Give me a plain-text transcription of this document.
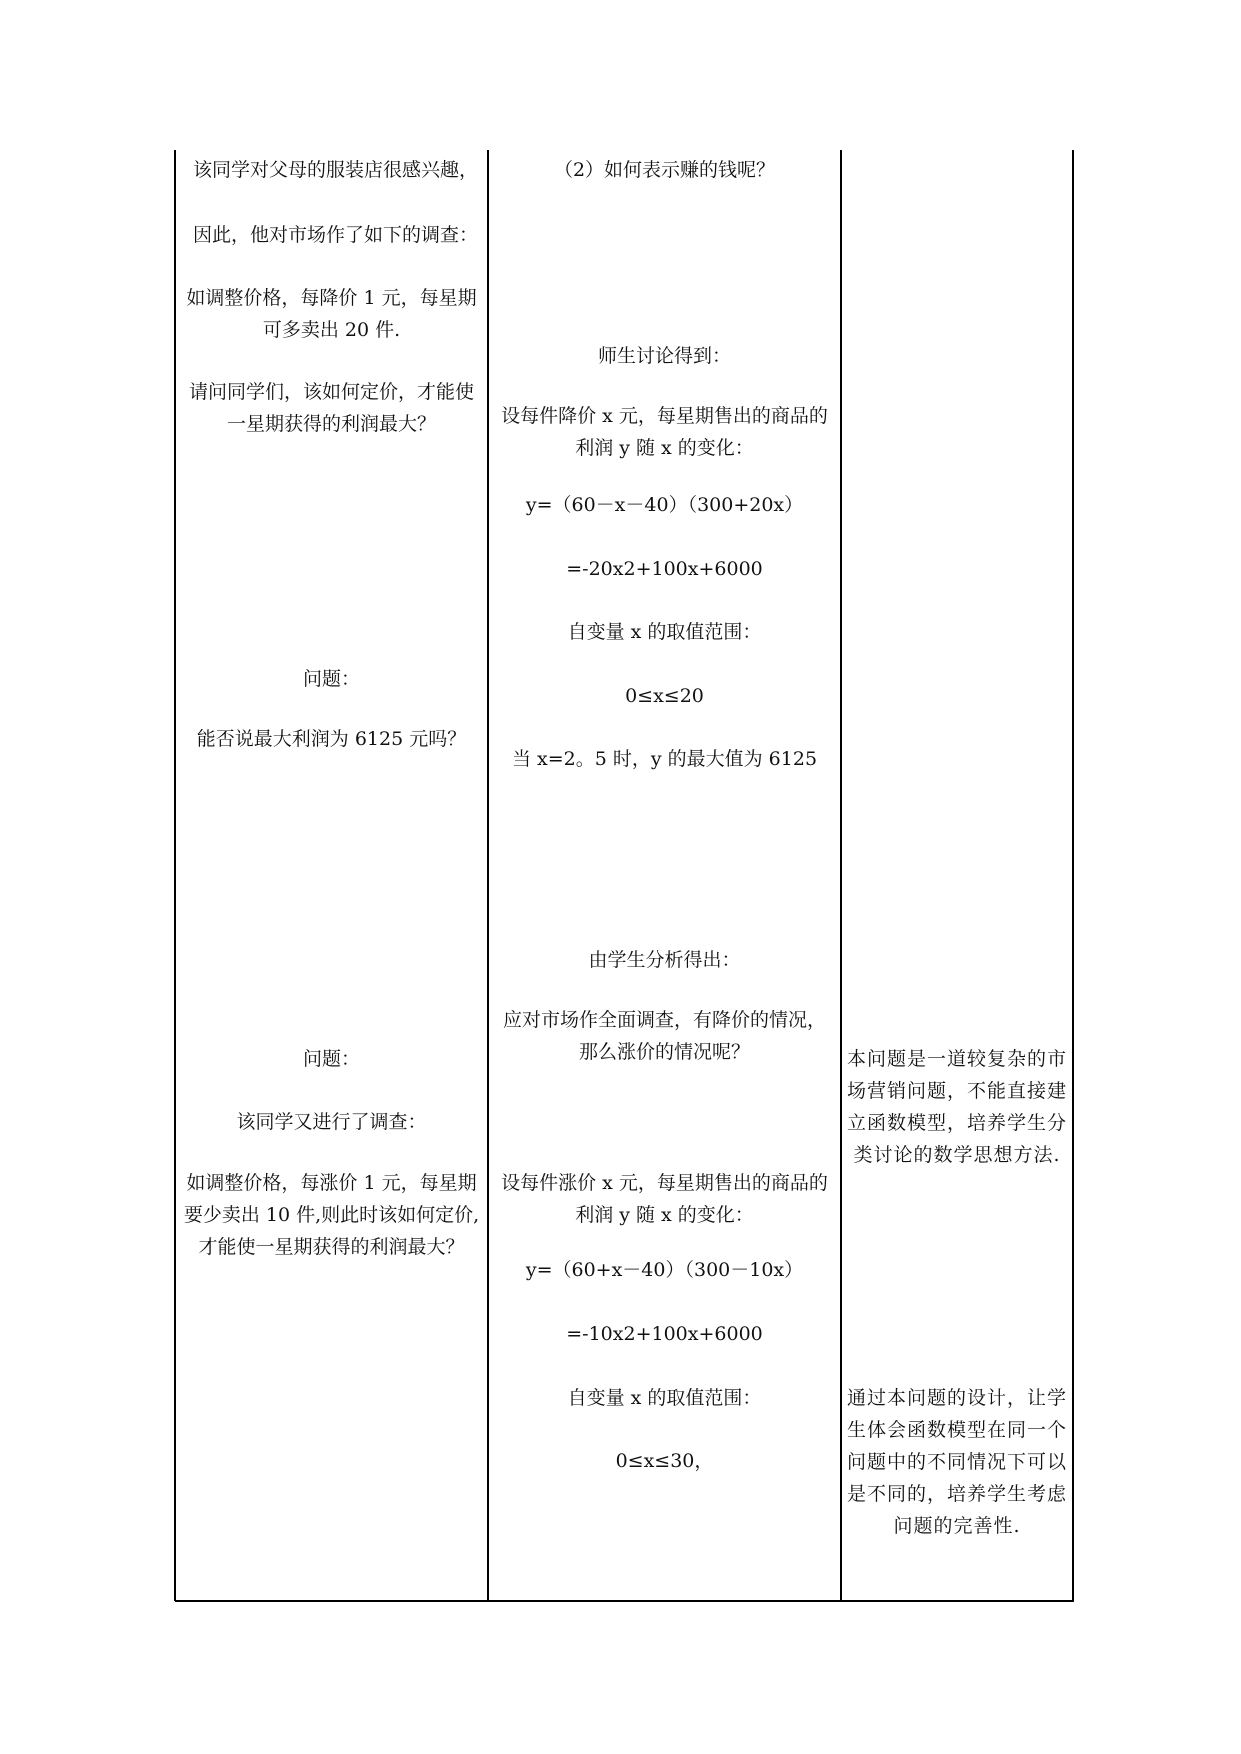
该同学对父母的服装店很感兴趣，
因此，他对市场作了如下的调查：
如调整价格，每降价 1 元，每星期
可多卖出 20 件.
请问同学们，该如何定价，才能使
一星期获得的利润最大？
问题：
能否说最大利润为 6125 元吗？
问题：
该同学又进行了调查：
如调整价格，每涨价 1 元，每星期
要少卖出 10 件,则此时该如何定价,
才能使一星期获得的利润最大？
（2）如何表示赚的钱呢？
师生讨论得到：
设每件降价 x 元，每星期售出的商品的
利润 y 随 x 的变化：
y=（60－x－40）（300+20x）
=-20x2+100x+6000
自变量 x 的取值范围：
0≤x≤20
当 x=2。5 时，y 的最大值为 6125
由学生分析得出：
应对市场作全面调查，有降价的情况，
那么涨价的情况呢？
设每件涨价 x 元，每星期售出的商品的
利润 y 随 x 的变化：
y=（60+x－40）（300－10x）
=-10x2+100x+6000
自变量 x 的取值范围：
0≤x≤30，
本问题是一道较复杂的市
场营销问题，不能直接建
立函数模型，培养学生分
类讨论的数学思想方法.
通过本问题的设计，让学
生体会函数模型在同一个
问题中的不同情况下可以
是不同的，培养学生考虑
问题的完善性.
